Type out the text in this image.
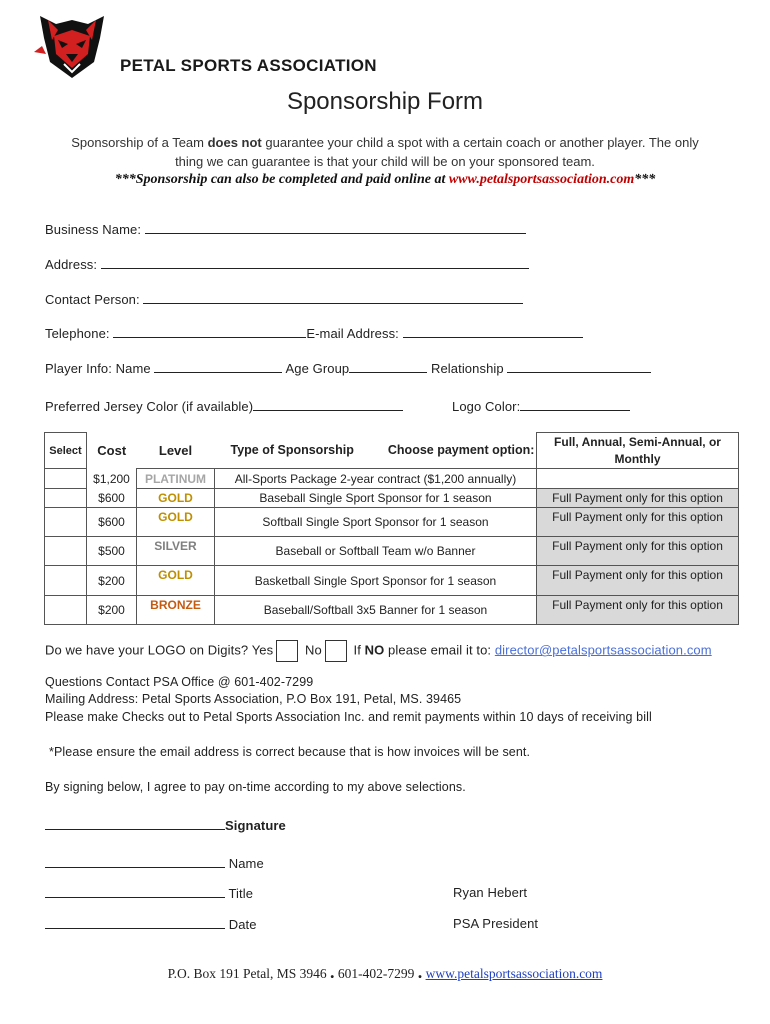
PETAL SPORTS ASSOCIATION
Sponsorship Form
Sponsorship of a Team does not guarantee your child a spot with a certain coach or another player. The only
thing we can guarantee is that your child will be on your sponsored team.
***Sponsorship can also be completed and paid online at www.petalsportsassociation.com***
Business Name:
Address:
Contact Person:
Telephone:	E-mail Address:
Player Info: Name	Age Group	Relationship
Preferred Jersey Color (if available)	Logo Color:
Select	Cost	Level	Type of Sponsorship Choose payment option:	Full, Annual, Semi-Annual, or Monthly
	$1,200	PLATINUM	All-Sports Package 2-year contract ($1,200 annually)	
	$600	GOLD	Baseball Single Sport Sponsor for 1 season	Full Payment only for this option
	$600	GOLD	Softball Single Sport Sponsor for 1 season	Full Payment only for this option
	$500	SILVER	Baseball or Softball Team w/o Banner	Full Payment only for this option
	$200	GOLD	Basketball Single Sport Sponsor for 1 season	Full Payment only for this option
	$200	BRONZE	Baseball/Softball 3x5 Banner for 1 season	Full Payment only for this option
Do we have your LOGO on Digits? Yes No If NO please email it to: director@petalsportsassociation.com
Questions Contact PSA Office @ 601-402-7299
Mailing Address: Petal Sports Association, P.O Box 191, Petal, MS. 39465
Please make Checks out to Petal Sports Association Inc. and remit payments within 10 days of receiving bill
*Please ensure the email address is correct because that is how invoices will be sent.
By signing below, I agree to pay on-time according to my above selections.
Signature
Name
Title
Date
Ryan Hebert
PSA President
P.O. Box 191 Petal, MS 3946 . 601-402-7299 . www.petalsportsassociation.com
